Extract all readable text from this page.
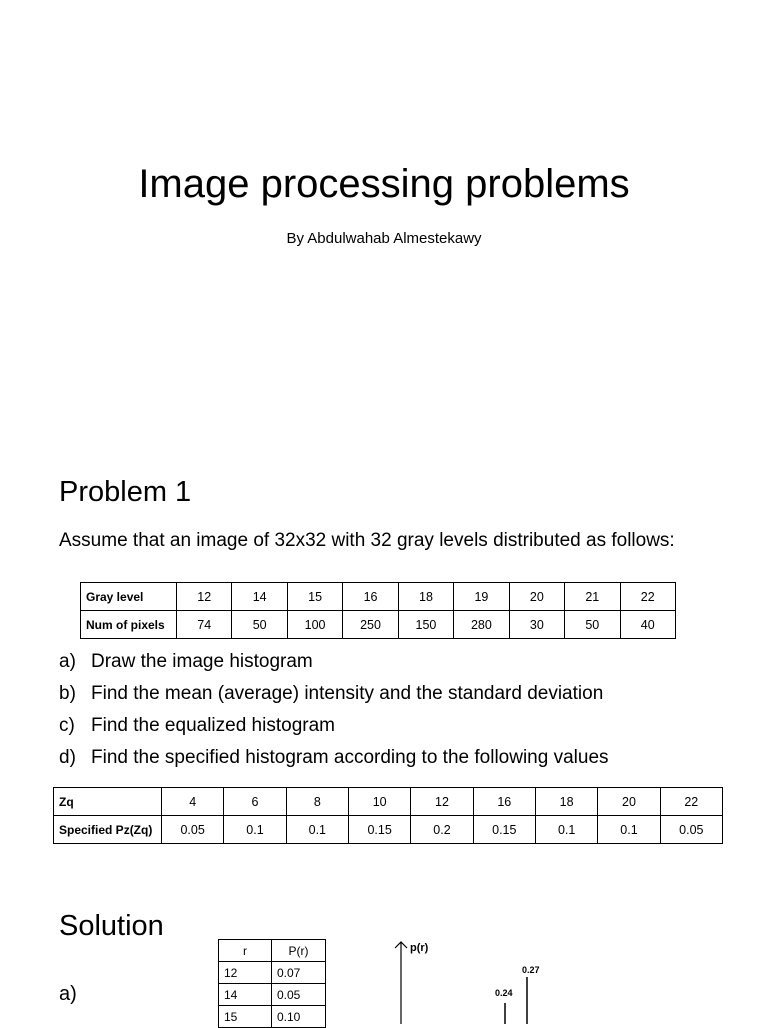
Image processing problems
By Abdulwahab Almestekawy
Problem 1

Assume that an image of 32x32 with 32 gray levels distributed as follows:

Gray level	12	14	15	16	18	19	20	21	22
Num of pixels	74	50	100	250	150	280	30	50	40
a) Draw the image histogram
b) Find the mean (average) intensity and the standard deviation
c) Find the equalized histogram
d) Find the specified histogram according to the following values
Zq	4	6	8	10	12	16	18	20	22
Specified Pz(Zq)	0.05	0.1	0.1	0.15	0.2	0.15	0.1	0.1	0.05
Solution
a)
r	P(r)
12	0.07
14	0.05
15	0.10
p(r)
0.24
0.27
